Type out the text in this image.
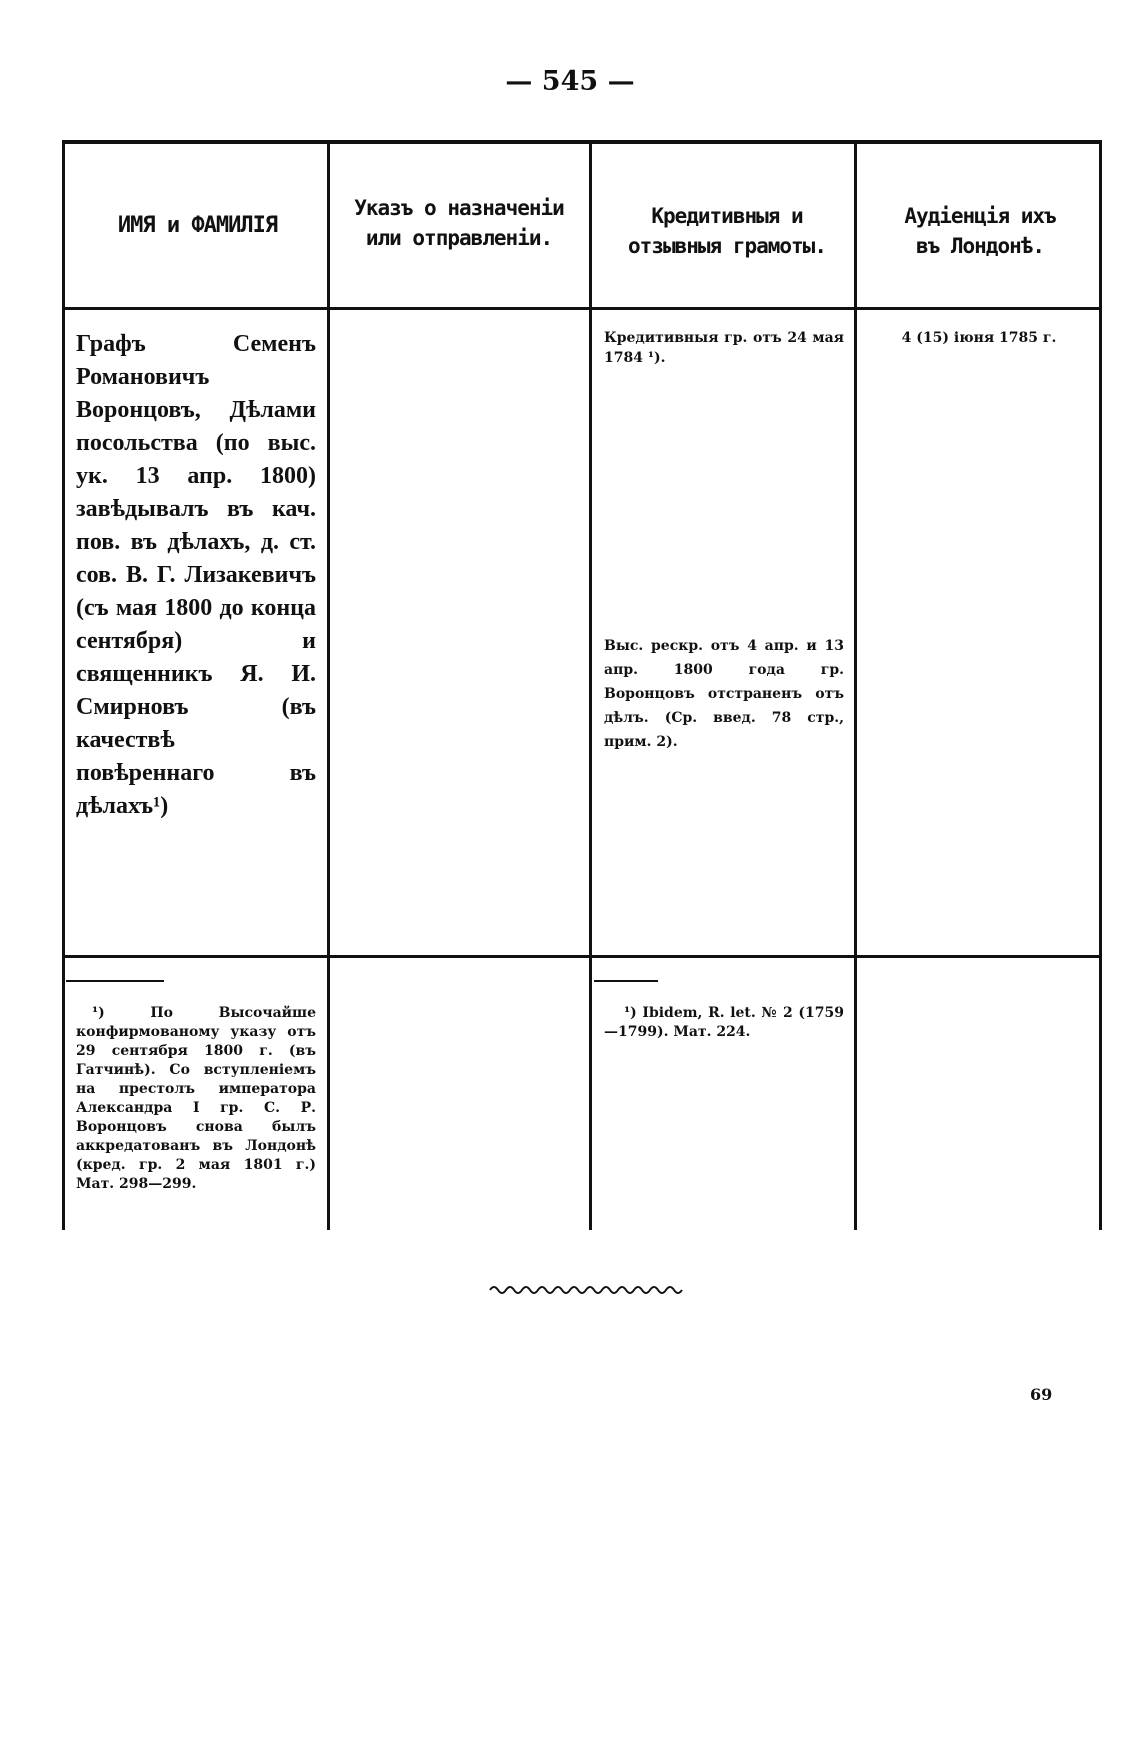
— 545 —
ИМЯ и ФАМИЛІЯ
Указъ о назначеніи или отправленіи.
Кредитивныя и отзывныя грамоты.
Аудіенція ихъ въ Лондонѣ.
Графъ Семенъ Романовичъ Воронцовъ, Дѣлами посольства (по выс. ук. 13 апр. 1800) завѣдывалъ въ кач. пов. въ дѣлахъ, д. ст. сов. В. Г. Лизакевичъ (съ мая 1800 до конца сентября) и священникъ Я. И. Смирновъ (въ качествѣ повѣреннаго въ дѣлахъ¹)
Кредитивныя гр. отъ 24 мая 1784 ¹).
Выс. рескр. отъ 4 апр. и 13 апр. 1800 года гр. Воронцовъ отстраненъ отъ дѣлъ. (Ср. введ. 78 стр., прим. 2).
4 (15) іюня 1785 г.
¹) По Высочайше конфирмованому указу отъ 29 сентября 1800 г. (въ Гатчинѣ). Со вступленіемъ на престолъ императора Александра I гр. С. Р. Воронцовъ снова былъ аккредатованъ въ Лондонѣ (кред. гр. 2 мая 1801 г.) Мат. 298—299.
¹) Ibidem, R. let. № 2 (1759—1799). Мат. 224.
69
